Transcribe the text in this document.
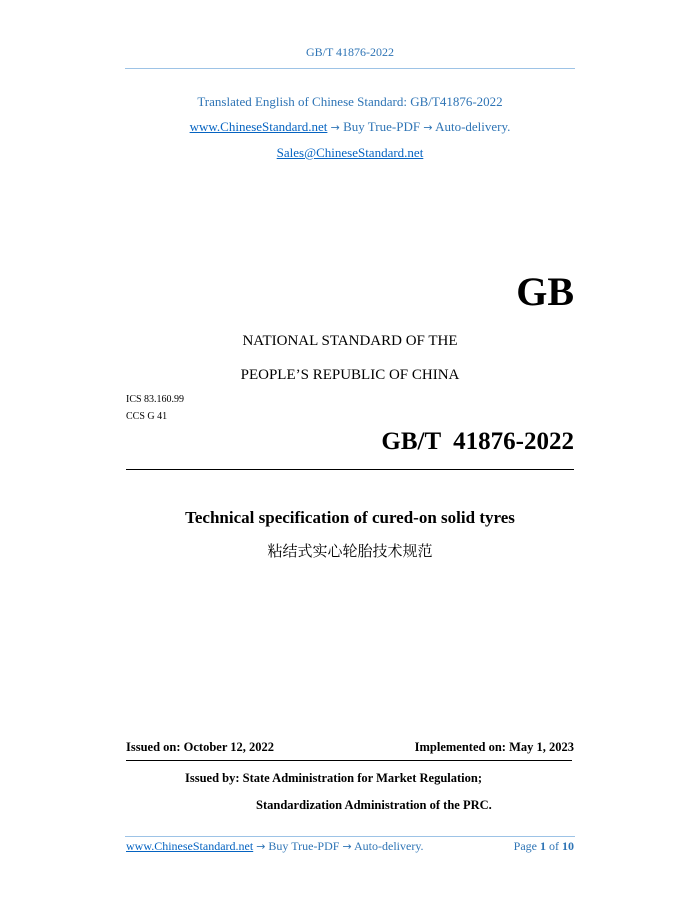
GB/T 41876-2022
Translated English of Chinese Standard: GB/T41876-2022
www.ChineseStandard.net → Buy True-PDF → Auto-delivery.
Sales@ChineseStandard.net
GB
NATIONAL STANDARD OF THE
PEOPLE’S REPUBLIC OF CHINA
ICS 83.160.99
CCS G 41
GB/T  41876-2022
Technical specification of cured-on solid tyres
粘结式实心轮胎技术规范
Issued on: October 12, 2022	Implemented on: May 1, 2023
Issued by: State Administration for Market Regulation;
Standardization Administration of the PRC.
www.ChineseStandard.net → Buy True-PDF → Auto-delivery.	Page 1 of 10
